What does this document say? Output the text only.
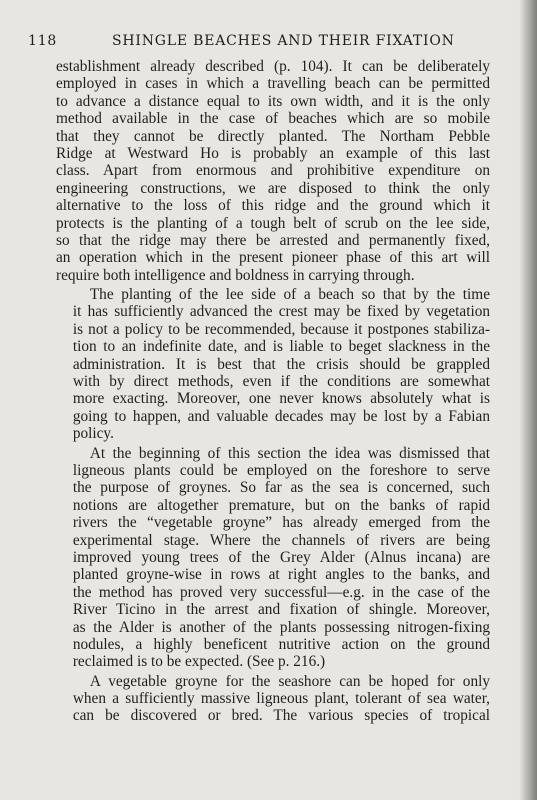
118	SHINGLE BEACHES AND THEIR FIXATION

establishment already described (p. 104). It can be deliberately
employed in cases in which a travelling beach can be permitted
to advance a distance equal to its own width, and it is the only
method available in the case of beaches which are so mobile
that they cannot be directly planted. The Northam Pebble
Ridge at Westward Ho is probably an example of this last
class. Apart from enormous and prohibitive expenditure on
engineering constructions, we are disposed to think the only
alternative to the loss of this ridge and the ground which it
protects is the planting of a tough belt of scrub on the lee side,
so that the ridge may there be arrested and permanently fixed,
an operation which in the present pioneer phase of this art will
require both intelligence and boldness in carrying through.

The planting of the lee side of a beach so that by the time
it has sufficiently advanced the crest may be fixed by vegetation
is not a policy to be recommended, because it postpones stabiliza-
tion to an indefinite date, and is liable to beget slackness in the
administration. It is best that the crisis should be grappled
with by direct methods, even if the conditions are somewhat
more exacting. Moreover, one never knows absolutely what is
going to happen, and valuable decades may be lost by a Fabian
policy.

At the beginning of this section the idea was dismissed that
ligneous plants could be employed on the foreshore to serve
the purpose of groynes. So far as the sea is concerned, such
notions are altogether premature, but on the banks of rapid
rivers the “vegetable groyne” has already emerged from the
experimental stage. Where the channels of rivers are being
improved young trees of the Grey Alder (Alnus incana) are
planted groyne-wise in rows at right angles to the banks, and
the method has proved very successful—e.g. in the case of the
River Ticino in the arrest and fixation of shingle. Moreover,
as the Alder is another of the plants possessing nitrogen-fixing
nodules, a highly beneficent nutritive action on the ground
reclaimed is to be expected. (See p. 216.)

A vegetable groyne for the seashore can be hoped for only
when a sufficiently massive ligneous plant, tolerant of sea water,
can be discovered or bred. The various species of tropical
